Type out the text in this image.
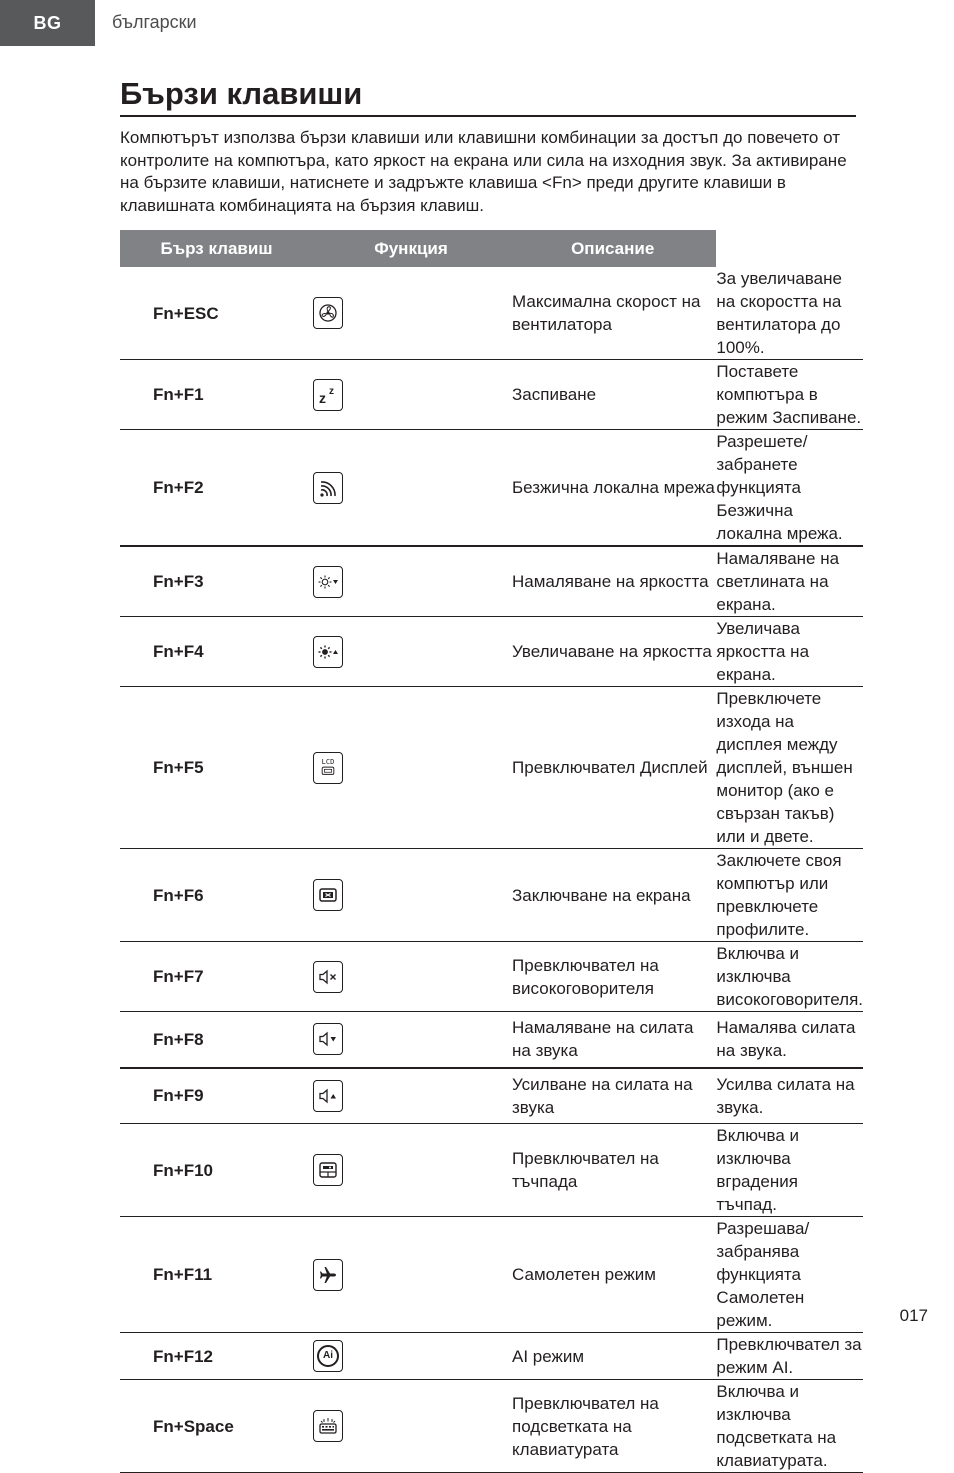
BG	български
Бързи клавиши
Компютърът използва бързи клавиши или клавишни комбинации за достъп до повечето от контролите на компютъра, като яркост на екрана или сила на изходния звук. За активиране на бързите клавиши, натиснете и задръжте клавиша <Fn> преди другите клавиши в клавишната комбинацията на бързия клавиш.
Бърз клавиш	Функция	Описание	
Fn+ESC		Максимална скорост на вентилатора	За увеличаване на скоростта на вентилатора до 100%.
Fn+F1	z z	Заспиване	Поставете компютъра в режим Заспиване.
Fn+F2		Безжична локална мрежа	Разрешете/забранете функцията Безжична локална мрежа.
Fn+F3		Намаляване на яркостта	Намаляване на светлината на екрана.
Fn+F4		Увеличаване на яркостта	Увеличава яркостта на екрана.
Fn+F5	LCD	Превключвател Дисплей	Превключете изхода на дисплея между дисплей, външен монитор (ако е свързан такъв) или и двете.
Fn+F6		Заключване на екрана	Заключете своя компютър или превключете профилите.
Fn+F7		Превключвател на високоговорителя	Включва и изключва високоговорителя.
Fn+F8		Намаляване на силата на звука	Намалява силата на звука.
Fn+F9		Усилване на силата на звука	Усилва силата на звука.
Fn+F10		Превключвател на тъчпада	Включва и изключва вградения тъчпад.
Fn+F11		Самолетен режим	Разрешава/забранява функцията Самолетен режим.
Fn+F12	Ai	AI режим	Превключвател за режим AI.
Fn+Space		Превключвател на подсветката на клавиатурата	Включва и изключва подсветката на клавиатурата.
017
